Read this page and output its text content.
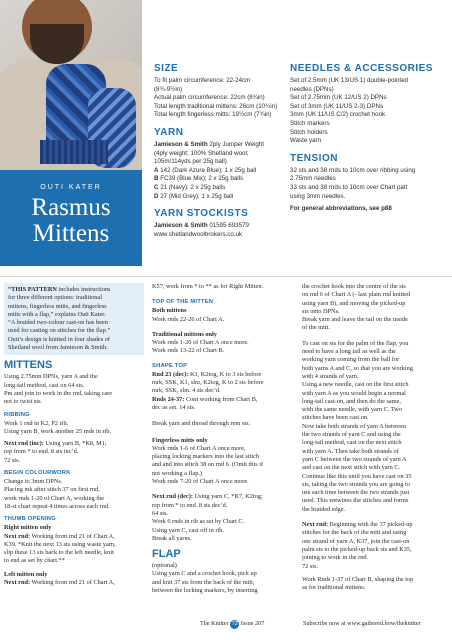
OUTI KATER
Rasmus
Mittens
SIZE
To fit palm circumference: 22-24cm
(8¾-9½in)
Actual palm circumference: 22cm (8¾in)
Total length traditional mittens: 26cm (10¼in)
Total length fingerless mitts: 19½cm (7¾in)
YARN
Jamieson & Smith 2ply Jumper Weight
(4ply weight; 100% Shetland wool;
105m/114yds per 25g ball)
A 142 (Dark Azure Blue); 1 x 25g ball
B FC39 (Blue Mix); 2 x 25g balls
C 21 (Navy); 2 x 25g balls
D 27 (Mid Grey); 1 x 25g ball
YARN STOCKISTS
Jamieson & Smith 01595 693579
www.shetlandwoolbrokers.co.uk
NEEDLES & ACCESSORIES
Set of 2.5mm (UK 13/US 1) double-pointed
needles (DPNs)
Set of 2.75mm (UK 12/US 2) DPNs
Set of 3mm (UK 11/US 2-3) DPNs
3mm (UK 11/US C/2) crochet hook
Stitch markers
Stitch holders
Waste yarn
TENSION
32 sts and 38 rnds to 10cm over ribbing using
2.75mm needles
33 sts and 38 rnds to 10cm over Chart patt
using 3mm needles.
For general abbreviations, see p88
“THIS PATTERN includes instructions
for three different options: traditional
mittens, fingerless mitts, and fingerless
mitts with a flap,” explains Outi Kater.
“A braided two-colour cast-on has been
used for casting on stitches for the flap.”
Outi’s design is knitted in four shades of
Shetland wool from Jamieson & Smith.
MITTENS
Using 2.75mm DPNs, yarn A and the
long-tail method, cast on 64 sts.
Pm and join to work in the rnd, taking care
not to twist sts.
RIBBING
Work 1 rnd in K2, P2 rib.
Using yarn B, work another 25 rnds in rib.
Next rnd (inc): Using yarn B, *K8, M1;
rep from * to end. 8 sts inc’d.
72 sts.
BEGIN COLOURWORK
Change to 3mm DPNs.
Placing mk after stitch 37 on first rnd,
work rnds 1-20 of Chart A, working the
18-st chart repeat 4 times across each rnd.
THUMB OPENING
Right mitten only
Next rnd: Working from rnd 21 of Chart A,
K39. *Knit the next 13 sts using waste yarn,
slip these 13 sts back to the left needle, knit
to end as set by chart.**
Left mitten only
Next rnd: Working from rnd 21 of Chart A,
K57, work from * to ** as for Right Mitten.
TOP OF THE MITTEN
Both mittens
Work rnds 22-26 of Chart A.
Traditional mittens only
Work rnds 1-20 of Chart A once more.
Work rnds 13-22 of Chart B.
SHAPE TOP
Rnd 23 (dec): K1, K2tog, K to 3 sts before
mrk, SSK, K1, slm, K2tog, K to 2 sts before
mrk, SSK, slm. 4 sts dec’d.
Rnds 24-37: Cont working from Chart B,
dec as set. 14 sts.
Break yarn and thread through rem sts.
Fingerless mitts only
Work rnds 1-6 of Chart A once more,
placing locking markers into the last stitch
and and into stitch 38 on rnd 6. (Omit this if
not working a flap.)
Work rnds 7-20 of Chart A once more.
Next rnd (dec): Using yarn C, *K7, K2tog;
rep from * to end. 8 sts dec’d.
64 sts.
Work 6 rnds in rib as set by Chart C.
Using yarn C, cast off in rib.
Break all yarns.
FLAP
(optional)
Using yarn C and a crochet hook, pick up
and knit 37 sts from the back of the mitt,
between the locking markers, by inserting
the crochet hook into the centre of the sts
on rnd 6 of Chart A (- last plain rnd knitted
using yarn B), and moving the picked-up
sts onto DPNs.
Break yarn and leave the tail on the inside
of the mitt.
To cast on sts for the palm of the flap, you
need to have a long tail as well as the
working yarn coming from the ball for
both yarns A and C, so that you are working
with 4 strands of yarn.
Using a new needle, cast on the first stitch
with yarn A as you would begin a normal
long-tail cast-on, and then do the same,
with the same needle, with yarn C. Two
stitches have been cast on.
Now take both strands of yarn A between
the two strands of yarn C and using the
long-tail method, cast on the next stitch
with yarn A. Then take both strands of
yarn C between the two strands of yarn A
and cast on the next stitch with yarn C.
Continue like this until you have cast on 35
sts, taking the two strands you are going to
use each time between the two strands just
used. This entwines the stitches and forms
the braided edge.
Next rnd: Beginning with the 37 picked-up
stitches for the back of the mitt and using
one strand of yarn A, K37, join the cast-on
palm sts to the picked-up back sts and K35,
joining to work in the rnd.
72 sts.
Work Rnds 1-37 of Chart B, shaping the top
as for traditional mittens.
The Knitter 72 Issue 207	Subscribe now at www.gathered.how/theknitter
